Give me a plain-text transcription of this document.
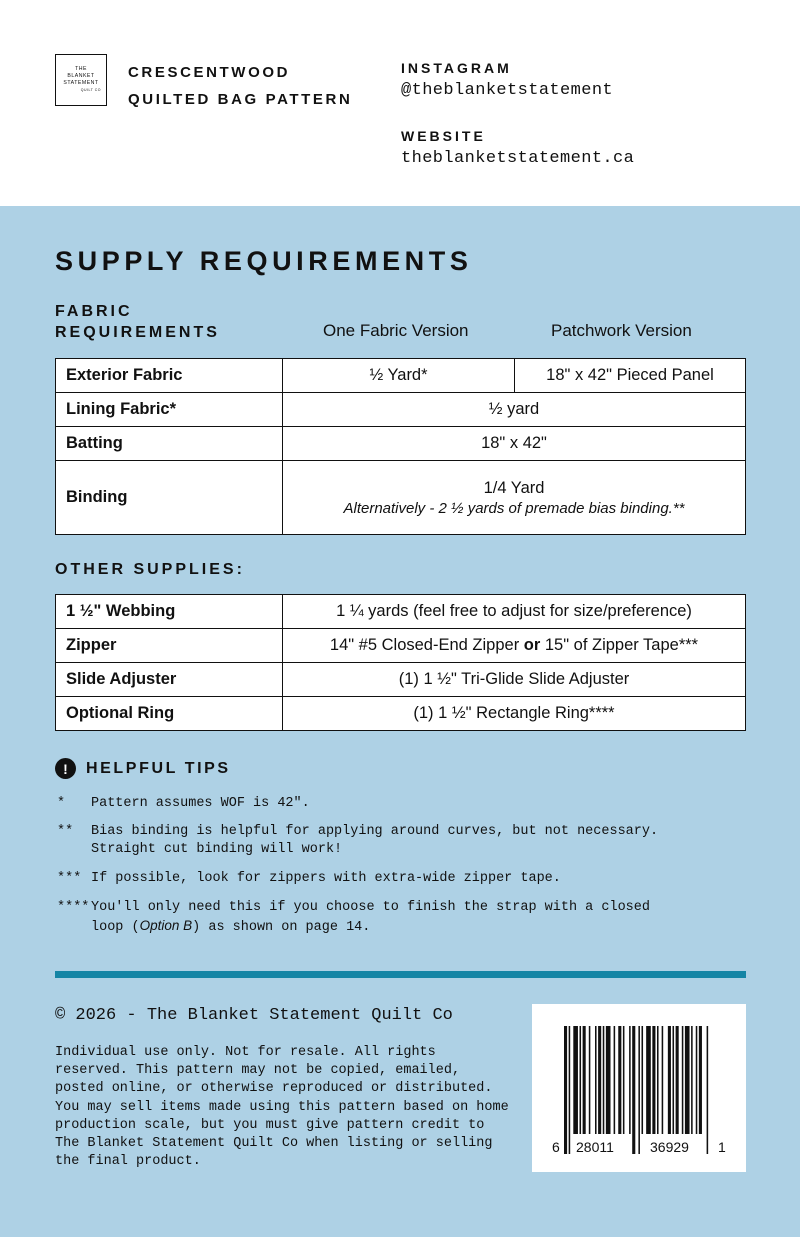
THE
BLANKET
STATEMENT
QUILT CO
CRESCENTWOOD
QUILTED BAG PATTERN
INSTAGRAM
@theblanketstatement
WEBSITE
theblanketstatement.ca
SUPPLY REQUIREMENTS
FABRIC
REQUIREMENTS	One Fabric Version	Patchwork Version
Exterior Fabric	½ Yard*	18" x 42" Pieced Panel
Lining Fabric*	½ yard	
Batting	18" x 42"	
Binding	1/4 Yard
Alternatively - 2 ½ yards of premade bias binding.**	
OTHER SUPPLIES:
1 ½" Webbing	1 ¼ yards (feel free to adjust for size/preference)
Zipper	14" #5 Closed-End Zipper or 15" of Zipper Tape***
Slide Adjuster	(1) 1 ½" Tri-Glide Slide Adjuster
Optional Ring	(1) 1 ½" Rectangle Ring****
!	HELPFUL TIPS
*	Pattern assumes WOF is 42".
**	Bias binding is helpful for applying around curves, but not necessary.
Straight cut binding will work!
*** If possible, look for zippers with extra-wide zipper tape.
**** You'll only need this if you choose to finish the strap with a closed
loop (Option B) as shown on page 14.
© 2026 - The Blanket Statement Quilt Co
Individual use only. Not for resale. All rights reserved. This pattern may not be copied, emailed, posted online, or otherwise reproduced or distributed. You may sell items made using this pattern based on home production scale, but you must give pattern credit to The Blanket Statement Quilt Co when listing or selling the final product.
6 28011	36929 1
